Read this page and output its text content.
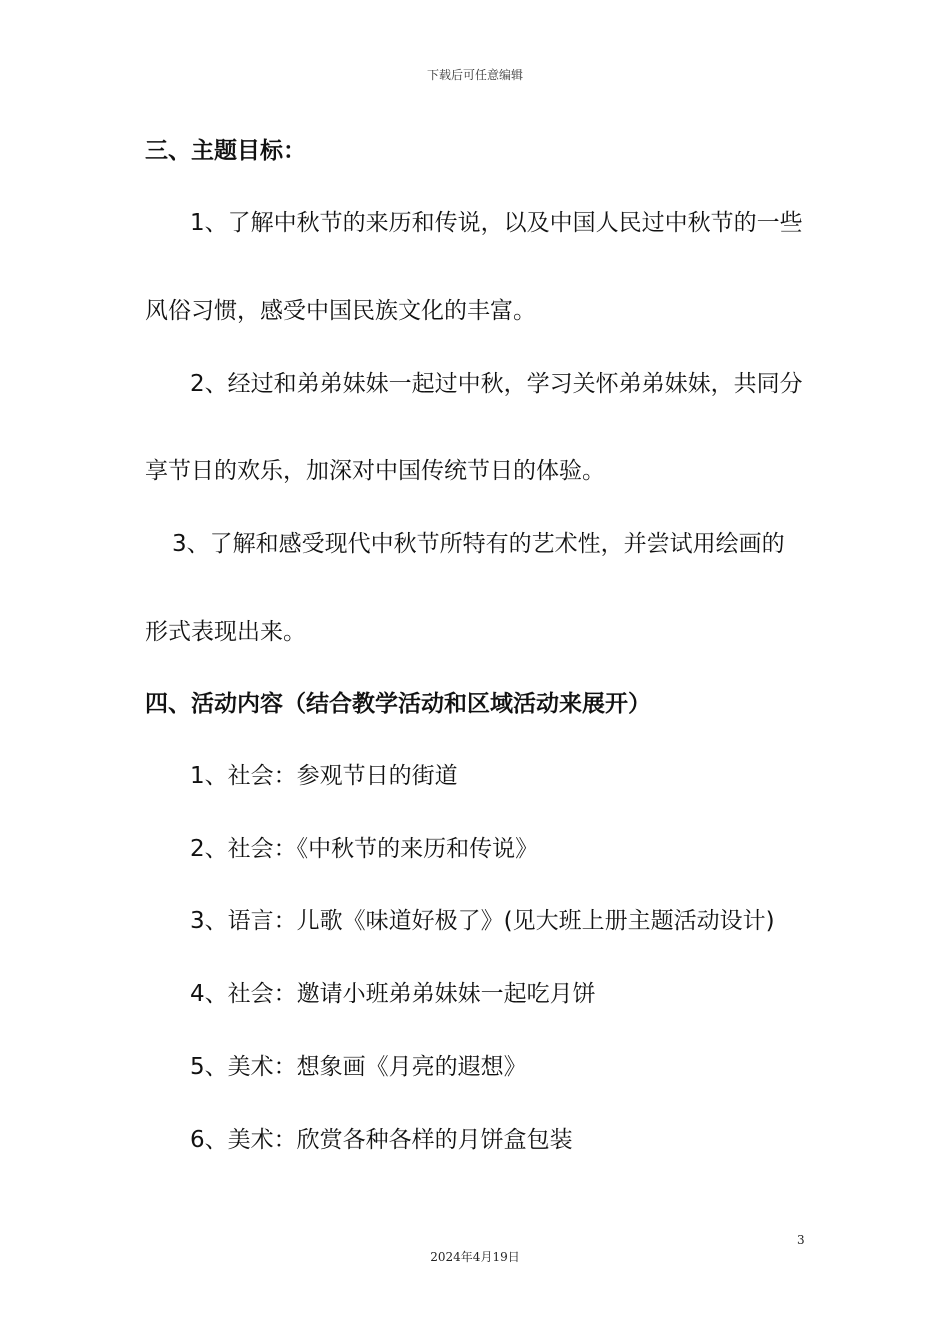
下载后可任意编辑
三、主题目标：
1、了解中秋节的来历和传说，以及中国人民过中秋节的一些
风俗习惯，感受中国民族文化的丰富。
2、经过和弟弟妹妹一起过中秋，学习关怀弟弟妹妹，共同分
享节日的欢乐，加深对中国传统节日的体验。
3、了解和感受现代中秋节所特有的艺术性，并尝试用绘画的
形式表现出来。
四、活动内容（结合教学活动和区域活动来展开）
1、社会：参观节日的街道
2、社会：《中秋节的来历和传说》
3、语言：儿歌《味道好极了》(见大班上册主题活动设计)
4、社会：邀请小班弟弟妹妹一起吃月饼
5、美术：想象画《月亮的遐想》
6、美术：欣赏各种各样的月饼盒包装
3
2024年4月19日
